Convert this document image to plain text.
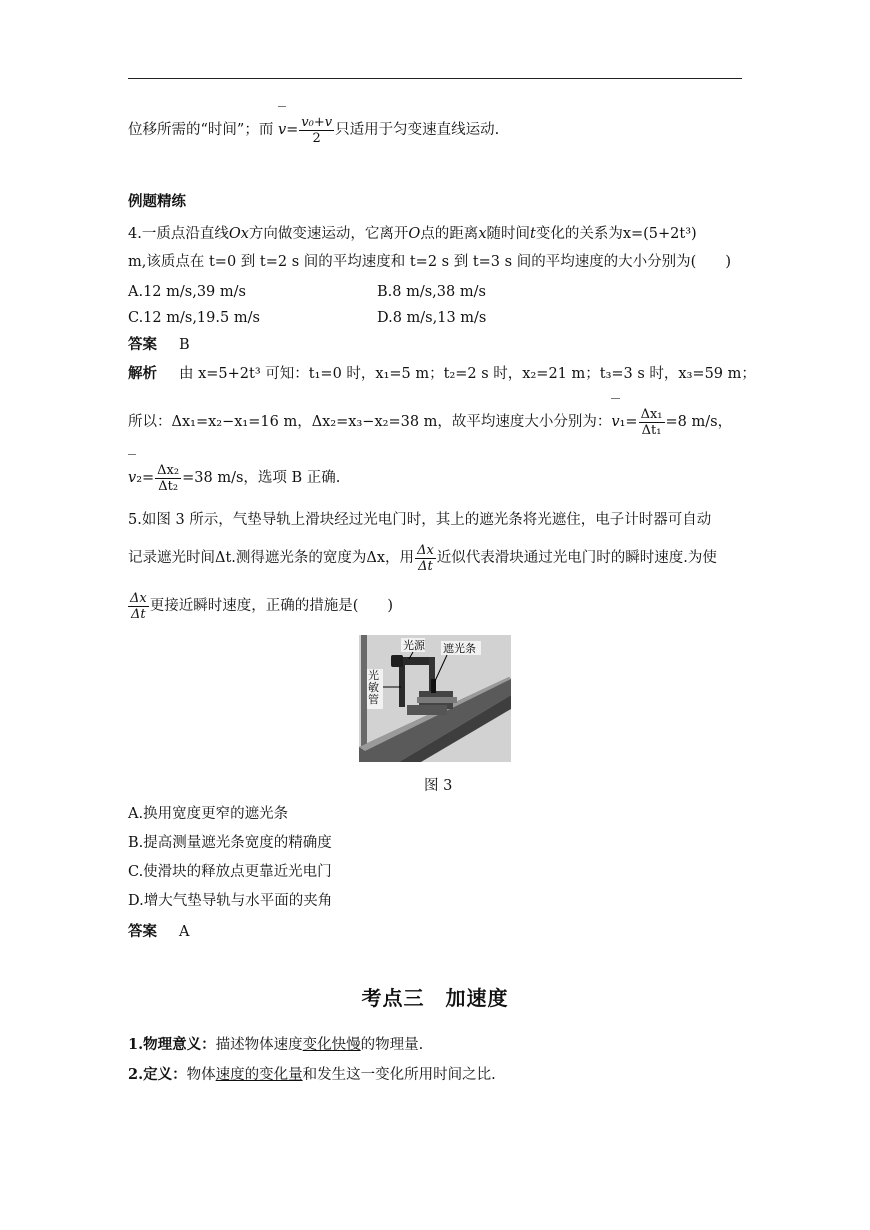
位移所需的“时间”；而 $v= \frac{\text{v₀+v}}{2}$ 只适用于匀变速直线运动.
例题精练
4.一质点沿直线Ox方向做变速运动，它离开O点的距离x随时间t变化的关系为x=(5+2t³)
m,该质点在 t=0 到 t=2 s 间的平均速度和 t=2 s 到 t=3 s 间的平均速度的大小分别为(　　)
A.12 m/s,39 m/s	B.8 m/s,38 m/s
C.12 m/s,19.5 m/s	D.8 m/s,13 m/s
答案 B
解析 由 x=5+2t³ 可知：t₁=0 时，x₁=5 m；t₂=2 s 时，x₂=21 m；t₃=3 s 时，x₃=59 m；
所以：Δx₁=x₂−x₁=16 m，Δx₂=x₃−x₂=38 m，故平均速度大小分别为：$v_1= \frac{\text{Δx₁}}{\text{Δt₁}} =8$ m/s，
$v_2= \frac{\text{Δx₂}}{\text{Δt₂}} =38$ m/s，选项 B 正确.
5.如图 3 所示，气垫导轨上滑块经过光电门时，其上的遮光条将光遮住，电子计时器可自动
记录遮光时间Δt.测得遮光条的宽度为Δx，用 $\frac{\Delta x}{\Delta t}$ 近似代表滑块通过光电门时的瞬时速度.为使
$\frac{\Delta x}{\Delta t}$ 更接近瞬时速度，正确的措施是(　　)
光源 遮光条
光敏管
图 3
A.换用宽度更窄的遮光条
B.提高测量遮光条宽度的精确度
C.使滑块的释放点更靠近光电门
D.增大气垫导轨与水平面的夹角
答案 A
考点三　加速度
1.物理意义：描述物体速度变化快慢的物理量.
2.定义：物体速度的变化量和发生这一变化所用时间之比.
